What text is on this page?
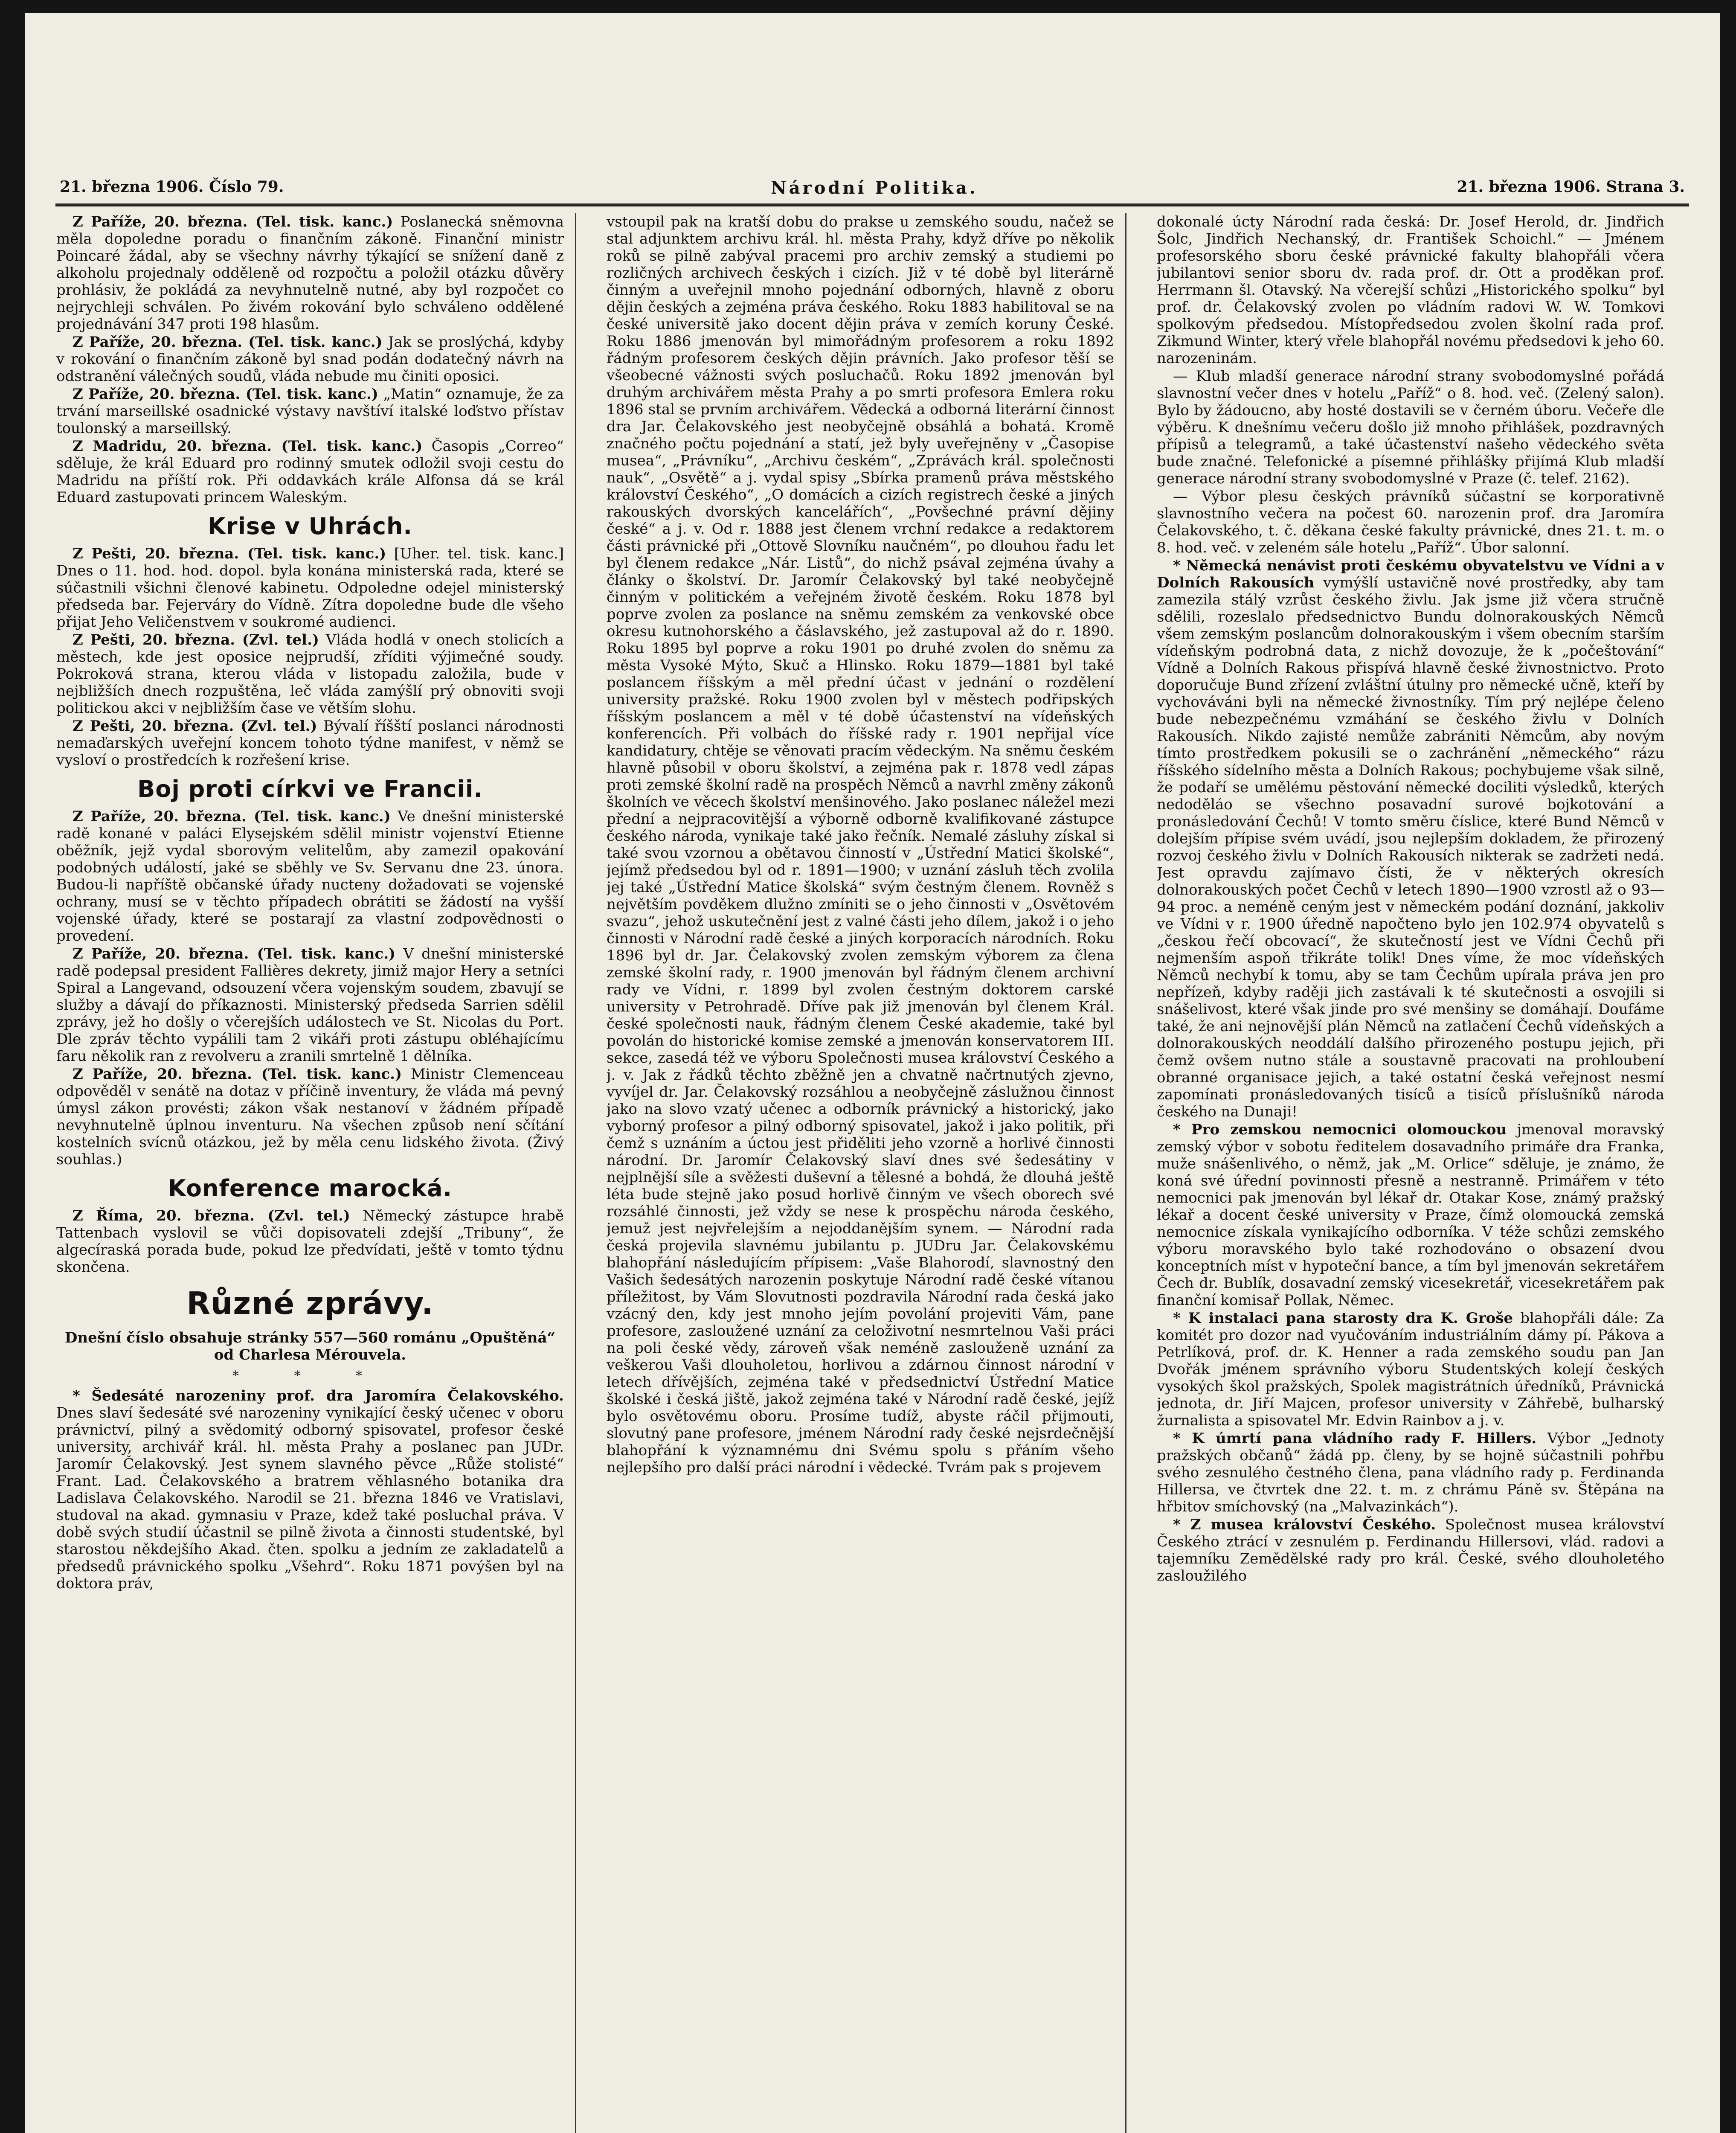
21. března 1906. Číslo 79.	Národní Politika.	21. března 1906. Strana 3.

Z Paříže, 20. března. (Tel. tisk. kanc.) Poslanecká sněmovna měla dopoledne poradu o finančním zákoně. Finanční ministr Poincaré žádal, aby se všechny návrhy týkající se snížení daně z alkoholu projednaly odděleně od rozpočtu a položil otázku důvěry prohlásiv, že pokládá za nevyhnutelně nutné, aby byl rozpočet co nejrychleji schválen. Po živém rokování bylo schváleno oddělené projednávání 347 proti 198 hlasům.

Z Paříže, 20. března. (Tel. tisk. kanc.) Jak se proslýchá, kdyby v rokování o finančním zákoně byl snad podán dodatečný návrh na odstranění válečných soudů, vláda nebude mu činiti oposici.

Z Paříže, 20. března. (Tel. tisk. kanc.) „Matin“ oznamuje, že za trvání marseillské osadnické výstavy navštíví italské loďstvo přístav toulonský a marseillský.

Z Madridu, 20. března. (Tel. tisk. kanc.) Časopis „Correo“ sděluje, že král Eduard pro rodinný smutek odložil svoji cestu do Madridu na příští rok. Při oddavkách krále Alfonsa dá se král Eduard zastupovati princem Waleským.

Krise v Uhrách.

Z Pešti, 20. března. (Tel. tisk. kanc.) [Uher. tel. tisk. kanc.] Dnes o 11. hod. hod. dopol. byla konána ministerská rada, které se súčastnili všichni členové kabinetu. Odpoledne odejel ministerský předseda bar. Fejerváry do Vídně. Zítra dopoledne bude dle všeho přijat Jeho Veličenstvem v soukromé audienci.

Z Pešti, 20. března. (Zvl. tel.) Vláda hodlá v onech stolicích a městech, kde jest oposice nejprudší, zříditi výjimečné soudy. Pokroková strana, kterou vláda v listopadu založila, bude v nejbližších dnech rozpuštěna, leč vláda zamýšlí prý obnoviti svoji politickou akci v nejbližším čase ve větším slohu.

Z Pešti, 20. března. (Zvl. tel.) Bývalí říšští poslanci národnosti nemaďarských uveřejní koncem tohoto týdne manifest, v němž se vysloví o prostředcích k rozřešení krise.

Boj proti církvi ve Francii.

Z Paříže, 20. března. (Tel. tisk. kanc.) Ve dnešní ministerské radě konané v paláci Elysejském sdělil ministr vojenství Etienne oběžník, jejž vydal sborovým velitelům, aby zamezil opakování podobných událostí, jaké se sběhly ve Sv. Servanu dne 23. února. Budou-li napříště občanské úřady nucteny dožadovati se vojenské ochrany, musí se v těchto případech obrátiti se žádostí na vyšší vojenské úřady, které se postarají za vlastní zodpovědnosti o provedení.

Z Paříže, 20. března. (Tel. tisk. kanc.) V dnešní ministerské radě podepsal president Fallières dekrety, jimiž major Hery a setníci Spiral a Langevand, odsouzení včera vojenským soudem, zbavují se služby a dávají do příkaznosti. Ministerský předseda Sarrien sdělil zprávy, jež ho došly o včerejších událostech ve St. Nicolas du Port. Dle zpráv těchto vypálili tam 2 vikáři proti zástupu obléhajícímu faru několik ran z revolveru a zranili smrtelně 1 dělníka.

Z Paříže, 20. března. (Tel. tisk. kanc.) Ministr Clemenceau odpověděl v senátě na dotaz v příčině inventury, že vláda má pevný úmysl zákon provésti; zákon však nestanoví v žádném případě nevyhnutelně úplnou inventuru. Na všechen způsob není sčítání kostelních svícnů otázkou, jež by měla cenu lidského života. (Živý souhlas.)

Konference marocká.

Z Říma, 20. března. (Zvl. tel.) Německý zástupce hrabě Tattenbach vyslovil se vůči dopisovateli zdejší „Tribuny“, že algecíraská porada bude, pokud lze předvídati, ještě v tomto týdnu skončena.

Různé zprávy.
Dnešní číslo obsahuje stránky 557—560 románu „Opuštěná“ od Charlesa Mérouvela.
* * *

* Šedesáté narozeniny prof. dra Jaromíra Čelakovského. Dnes slaví šedesáté své narozeniny vynikající český učenec v oboru právnictví, pilný a svědomitý odborný spisovatel, profesor české university, archivář král. hl. města Prahy a poslanec pan JUDr. Jaromír Čelakovský. Jest synem slavného pěvce „Růže stolisté“ Frant. Lad. Čelakovského a bratrem věhlasného botanika dra Ladislava Čelakovského. Narodil se 21. března 1846 ve Vratislavi, studoval na akad. gymnasiu v Praze, kdež také posluchal práva. V době svých studií účastnil se pilně života a činnosti studentské, byl starostou někdejšího Akad. čten. spolku a jedním ze zakladatelů a předsedů právnického spolku „Všehrd“. Roku 1871 povýšen byl na doktora práv,

vstoupil pak na kratší dobu do prakse u zemského soudu, načež se stal adjunktem archivu král. hl. města Prahy, když dříve po několik roků se pilně zabýval pracemi pro archiv zemský a studiemi po rozličných archivech českých i cizích. Již v té době byl literárně činným a uveřejnil mnoho pojednání odborných, hlavně z oboru dějin českých a zejména práva českého. Roku 1883 habilitoval se na české universitě jako docent dějin práva v zemích koruny České. Roku 1886 jmenován byl mimořádným profesorem a roku 1892 řádným profesorem českých dějin právních. Jako profesor těší se všeobecné vážnosti svých posluchačů. Roku 1892 jmenován byl druhým archivářem města Prahy a po smrti profesora Emlera roku 1896 stal se prvním archivářem. Vědecká a odborná literární činnost dra Jar. Čelakovského jest neobyčejně obsáhlá a bohatá. Kromě značného počtu pojednání a statí, jež byly uveřejněny v „Časopise musea“, „Právníku“, „Archivu českém“, „Zprávách král. společnosti nauk“, „Osvětě“ a j. vydal spisy „Sbírka pramenů práva městského království Českého“, „O domácích a cizích registrech české a jiných rakouských dvorských kancelářích“, „Povšechné právní dějiny české“ a j. v. Od r. 1888 jest členem vrchní redakce a redaktorem části právnické při „Ottově Slovníku naučném“, po dlouhou řadu let byl členem redakce „Nár. Listů“, do nichž psával zejména úvahy a články o školství. Dr. Jaromír Čelakovský byl také neobyčejně činným v politickém a veřejném životě českém. Roku 1878 byl poprve zvolen za poslance na sněmu zemském za venkovské obce okresu kutnohorského a čáslavského, jež zastupoval až do r. 1890. Roku 1895 byl poprve a roku 1901 po druhé zvolen do sněmu za města Vysoké Mýto, Skuč a Hlinsko. Roku 1879—1881 byl také poslancem říšským a měl přední účast v jednání o rozdělení university pražské. Roku 1900 zvolen byl v městech podřipských říšským poslancem a měl v té době účastenství na vídeňských konferencích. Při volbách do říšské rady r. 1901 nepřijal více kandidatury, chtěje se věnovati pracím vědeckým. Na sněmu českém hlavně působil v oboru školství, a zejména pak r. 1878 vedl zápas proti zemské školní radě na prospěch Němců a navrhl změny zákonů školních ve věcech školství menšinového. Jako poslanec náležel mezi přední a nejpracovitější a výborně odborně kvalifikované zástupce českého národa, vynikaje také jako řečník. Nemalé zásluhy získal si také svou vzornou a obětavou činností v „Ústřední Matici školské“, jejímž předsedou byl od r. 1891—1900; v uznání zásluh těch zvolila jej také „Ústřední Matice školská“ svým čestným členem. Rovněž s největším povděkem dlužno zmíniti se o jeho činnosti v „Osvětovém svazu“, jehož uskutečnění jest z valné části jeho dílem, jakož i o jeho činnosti v Národní radě české a jiných korporacích národních. Roku 1896 byl dr. Jar. Čelakovský zvolen zemským výborem za člena zemské školní rady, r. 1900 jmenován byl řádným členem archivní rady ve Vídni, r. 1899 byl zvolen čestným doktorem carské university v Petrohradě. Dříve pak již jmenován byl členem Král. české společnosti nauk, řádným členem České akademie, také byl povolán do historické komise zemské a jmenován konservatorem III. sekce, zasedá též ve výboru Společnosti musea království Českého a j. v. Jak z řádků těchto zběžně jen a chvatně načrtnutých zjevno, vyvíjel dr. Jar. Čelakovský rozsáhlou a neobyčejně záslužnou činnost jako na slovo vzatý učenec a odborník právnický a historický, jako vyborný profesor a pilný odborný spisovatel, jakož i jako politik, při čemž s uznáním a úctou jest přiděliti jeho vzorně a horlivé činnosti národní. Dr. Jaromír Čelakovský slaví dnes své šedesátiny v nejplnější síle a svěžesti duševní a tělesné a bohdá, že dlouhá ještě léta bude stejně jako posud horlivě činným ve všech oborech své rozsáhlé činnosti, jež vždy se nese k prospěchu národa českého, jemuž jest nejvřelejším a nejoddanějším synem. — Národní rada česká projevila slavnému jubilantu p. JUDru Jar. Čelakovskému blahopřání následujícím přípisem: „Vaše Blahorodí, slavnostný den Vašich šedesátých narozenin poskytuje Národní radě české vítanou příležitost, by Vám Slovutnosti pozdravila Národní rada česká jako vzácný den, kdy jest mnoho jejím povolání projeviti Vám, pane profesore, zasloužené uznání za celoživotní nesmrtelnou Vaši práci na poli české vědy, zároveň však neméně zaslouženě uznání za veškerou Vaši dlouholetou, horlivou a zdárnou činnost národní v letech dřívějších, zejména také v předsednictví Ústřední Matice školské i česká jiště, jakož zejména také v Národní radě české, jejíž bylo osvětovému oboru. Prosíme tudíž, abyste ráčil přijmouti, slovutný pane profesore, jménem Národní rady české nejsrdečnější blahopřání k významnému dni Svému spolu s přáním všeho nejlepšího pro další práci národní i vědecké. Tvrám pak s projevem

dokonalé úcty Národní rada česká: Dr. Josef Herold, dr. Jindřich Šolc, Jindřich Nechanský, dr. František Schoichl.“ — Jménem profesorského sboru české právnické fakulty blahopřáli včera jubilantovi senior sboru dv. rada prof. dr. Ott a proděkan prof. Herrmann šl. Otavský. Na včerejší schůzi „Historického spolku“ byl prof. dr. Čelakovský zvolen po vládním radovi W. W. Tomkovi spolkovým předsedou. Místopředsedou zvolen školní rada prof. Zikmund Winter, který vřele blahopřál novému předsedovi k jeho 60. narozeninám.

— Klub mladší generace národní strany svobodomyslné pořádá slavnostní večer dnes v hotelu „Paříž“ o 8. hod. več. (Zelený salon). Bylo by žádoucno, aby hosté dostavili se v černém úboru. Večeře dle výběru. K dnešnímu večeru došlo již mnoho přihlášek, pozdravných přípisů a telegramů, a také účastenství našeho vědeckého světa bude značné. Telefonické a písemné přihlášky přijímá Klub mladší generace národní strany svobodomyslné v Praze (č. telef. 2162).

— Výbor plesu českých právníků súčastní se korporativně slavnostního večera na počest 60. narozenin prof. dra Jaromíra Čelakovského, t. č. děkana české fakulty právnické, dnes 21. t. m. o 8. hod. več. v zeleném sále hotelu „Paříž“. Úbor salonní.

* Německá nenávist proti českému obyvatelstvu ve Vídni a v Dolních Rakousích vymýšlí ustavičně nové prostředky, aby tam zamezila stálý vzrůst českého živlu. Jak jsme již včera stručně sdělili, rozeslalo předsednictvo Bundu dolnorakouských Němců všem zemským poslancům dolnorakouským i všem obecním starším vídeňským podrobná data, z nichž dovozuje, že k „počeštování“ Vídně a Dolních Rakous přispívá hlavně české živnostnictvo. Proto doporučuje Bund zřízení zvláštní útulny pro německé učně, kteří by vychováváni byli na německé živnostníky. Tím prý nejlépe čeleno bude nebezpečnému vzmáhání se českého živlu v Dolních Rakousích. Nikdo zajisté nemůže zabrániti Němcům, aby novým tímto prostředkem pokusili se o zachránění „německého“ rázu říšského sídelního města a Dolních Rakous; pochybujeme však silně, že podaří se umělému pěstování německé dociliti výsledků, kterých nedoděláo se všechno posavadní surové bojkotování a pronásledování Čechů! V tomto směru číslice, které Bund Němců v dolejším přípise svém uvádí, jsou nejlepším dokladem, že přirozený rozvoj českého živlu v Dolních Rakousích nikterak se zadržeti nedá. Jest opravdu zajímavo čísti, že v některých okresích dolnorakouských počet Čechů v letech 1890—1900 vzrostl až o 93—94 proc. a neméně ceným jest v německém podání doznání, jakkoliv ve Vídni v r. 1900 úředně napočteno bylo jen 102.974 obyvatelů s „českou řečí obcovací“, že skutečností jest ve Vídni Čechů při nejmenším aspoň třikráte tolik! Dnes víme, že moc vídeňských Němců nechybí k tomu, aby se tam Čechům upírala práva jen pro nepřízeň, kdyby raději jich zastávali k té skutečnosti a osvojili si snášelivost, které však jinde pro své menšiny se domáhají. Doufáme také, že ani nejnovější plán Němců na zatlačení Čechů vídeňských a dolnorakouských neoddálí dalšího přirozeného postupu jejich, při čemž ovšem nutno stále a soustavně pracovati na prohloubení obranné organisace jejich, a také ostatní česká veřejnost nesmí zapomínati pronásledovaných tisíců a tisíců příslušníků národa českého na Dunaji!

* Pro zemskou nemocnici olomouckou jmenoval moravský zemský výbor v sobotu ředitelem dosavadního primáře dra Franka, muže snášenlivého, o němž, jak „M. Orlice“ sděluje, je známo, že koná své úřední povinnosti přesně a nestranně. Primářem v této nemocnici pak jmenován byl lékař dr. Otakar Kose, známý pražský lékař a docent české university v Praze, čímž olomoucká zemská nemocnice získala vynikajícího odborníka. V téže schůzi zemského výboru moravského bylo také rozhodováno o obsazení dvou konceptních míst v hypoteční bance, a tím byl jmenován sekretářem Čech dr. Bublík, dosavadní zemský vicesekretář, vicesekretářem pak finanční komisař Pollak, Němec.

* K instalaci pana starosty dra K. Groše blahopřáli dále: Za komitét pro dozor nad vyučováním industriálním dámy pí. Pákova a Petrlíková, prof. dr. K. Henner a rada zemského soudu pan Jan Dvořák jménem správního výboru Studentských kolejí českých vysokých škol pražských, Spolek magistrátních úředníků, Právnická jednota, dr. Jiří Majcen, profesor university v Záhřebě, bulharský žurnalista a spisovatel Mr. Edvin Rainbov a j. v.

* K úmrtí pana vládního rady F. Hillers. Výbor „Jednoty pražských občanů“ žádá pp. členy, by se hojně súčastnili pohřbu svého zesnulého čestného člena, pana vládního rady p. Ferdinanda Hillersa, ve čtvrtek dne 22. t. m. z chrámu Páně sv. Štěpána na hřbitov smíchovský (na „Malvazinkách“).

* Z musea království Českého. Společnost musea království Českého ztrácí v zesnulém p. Ferdinandu Hillersovi, vlád. radovi a tajemníku Zemědělské rady pro král. České, svého dlouholetého zasloužilého
